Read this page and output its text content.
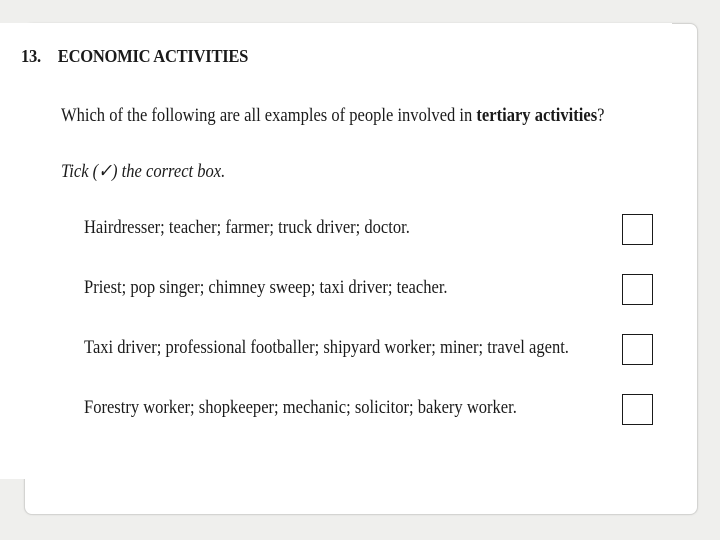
13. ECONOMIC ACTIVITIES
Which of the following are all examples of people involved in tertiary activities?
Tick (✓) the correct box.
Hairdresser; teacher; farmer; truck driver; doctor.
Priest; pop singer; chimney sweep; taxi driver; teacher.
Taxi driver; professional footballer; shipyard worker; miner; travel agent.
Forestry worker; shopkeeper; mechanic; solicitor; bakery worker.
